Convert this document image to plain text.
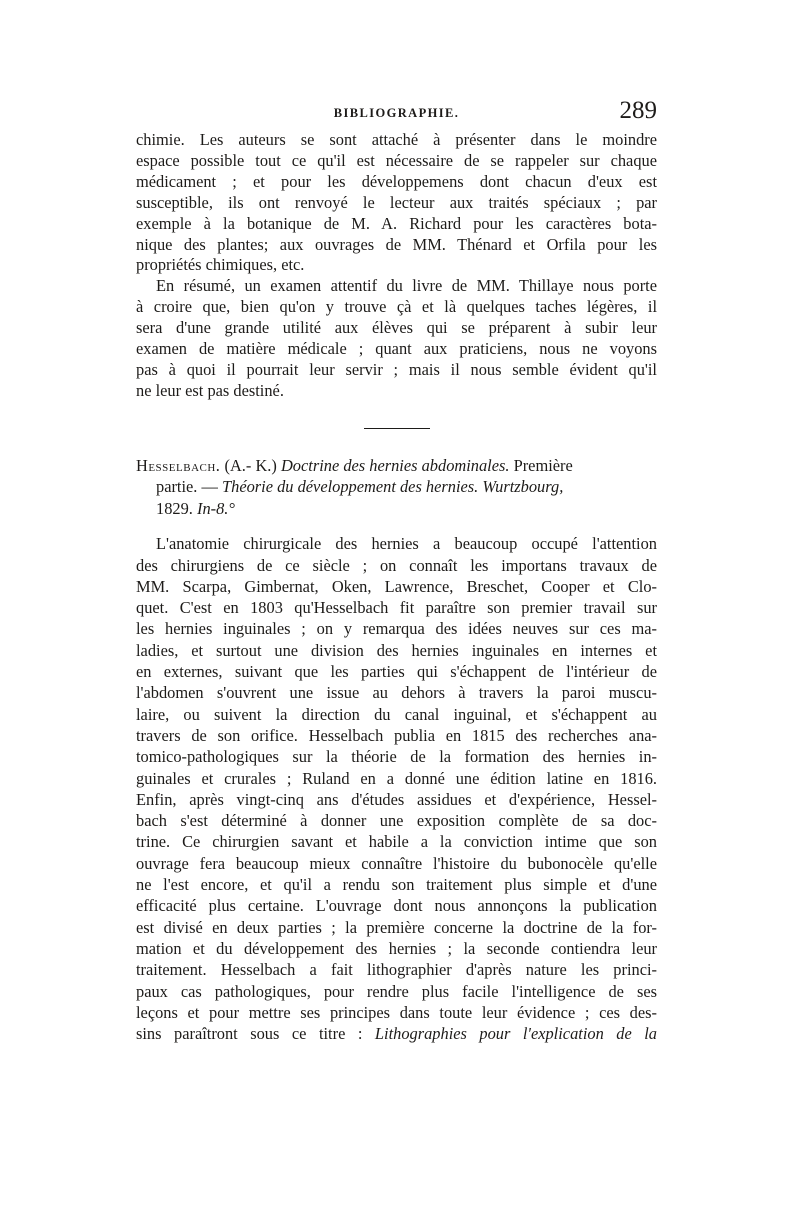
BIBLIOGRAPHIE.	289

chimie. Les auteurs se sont attaché à présenter dans le moindre
espace possible tout ce qu'il est nécessaire de se rappeler sur chaque
médicament ; et pour les développemens dont chacun d'eux est
susceptible, ils ont renvoyé le lecteur aux traités spéciaux ; par
exemple à la botanique de M. A. Richard pour les caractères bota-
nique des plantes; aux ouvrages de MM. Thénard et Orfila pour les
propriétés chimiques, etc.

En résumé, un examen attentif du livre de MM. Thillaye nous porte
à croire que, bien qu'on y trouve çà et là quelques taches légères, il
sera d'une grande utilité aux élèves qui se préparent à subir leur
examen de matière médicale ; quant aux praticiens, nous ne voyons
pas à quoi il pourrait leur servir ; mais il nous semble évident qu'il
ne leur est pas destiné.

Hesselbach. (A.- K.) Doctrine des hernies abdominales. Première
partie. — Théorie du développement des hernies. Wurtzbourg,
1829. In-8.°

L'anatomie chirurgicale des hernies a beaucoup occupé l'attention
des chirurgiens de ce siècle ; on connaît les importans travaux de
MM. Scarpa, Gimbernat, Oken, Lawrence, Breschet, Cooper et Clo-
quet. C'est en 1803 qu'Hesselbach fit paraître son premier travail sur
les hernies inguinales ; on y remarqua des idées neuves sur ces ma-
ladies, et surtout une division des hernies inguinales en internes et
en externes, suivant que les parties qui s'échappent de l'intérieur de
l'abdomen s'ouvrent une issue au dehors à travers la paroi muscu-
laire, ou suivent la direction du canal inguinal, et s'échappent au
travers de son orifice. Hesselbach publia en 1815 des recherches ana-
tomico-pathologiques sur la théorie de la formation des hernies in-
guinales et crurales ; Ruland en a donné une édition latine en 1816.
Enfin, après vingt-cinq ans d'études assidues et d'expérience, Hessel-
bach s'est déterminé à donner une exposition complète de sa doc-
trine. Ce chirurgien savant et habile a la conviction intime que son
ouvrage fera beaucoup mieux connaître l'histoire du bubonocèle qu'elle
ne l'est encore, et qu'il a rendu son traitement plus simple et d'une
efficacité plus certaine. L'ouvrage dont nous annonçons la publication
est divisé en deux parties ; la première concerne la doctrine de la for-
mation et du développement des hernies ; la seconde contiendra leur
traitement. Hesselbach a fait lithographier d'après nature les princi-
paux cas pathologiques, pour rendre plus facile l'intelligence de ses
leçons et pour mettre ses principes dans toute leur évidence ; ces des-
sins paraîtront sous ce titre : Lithographies pour l'explication de la
